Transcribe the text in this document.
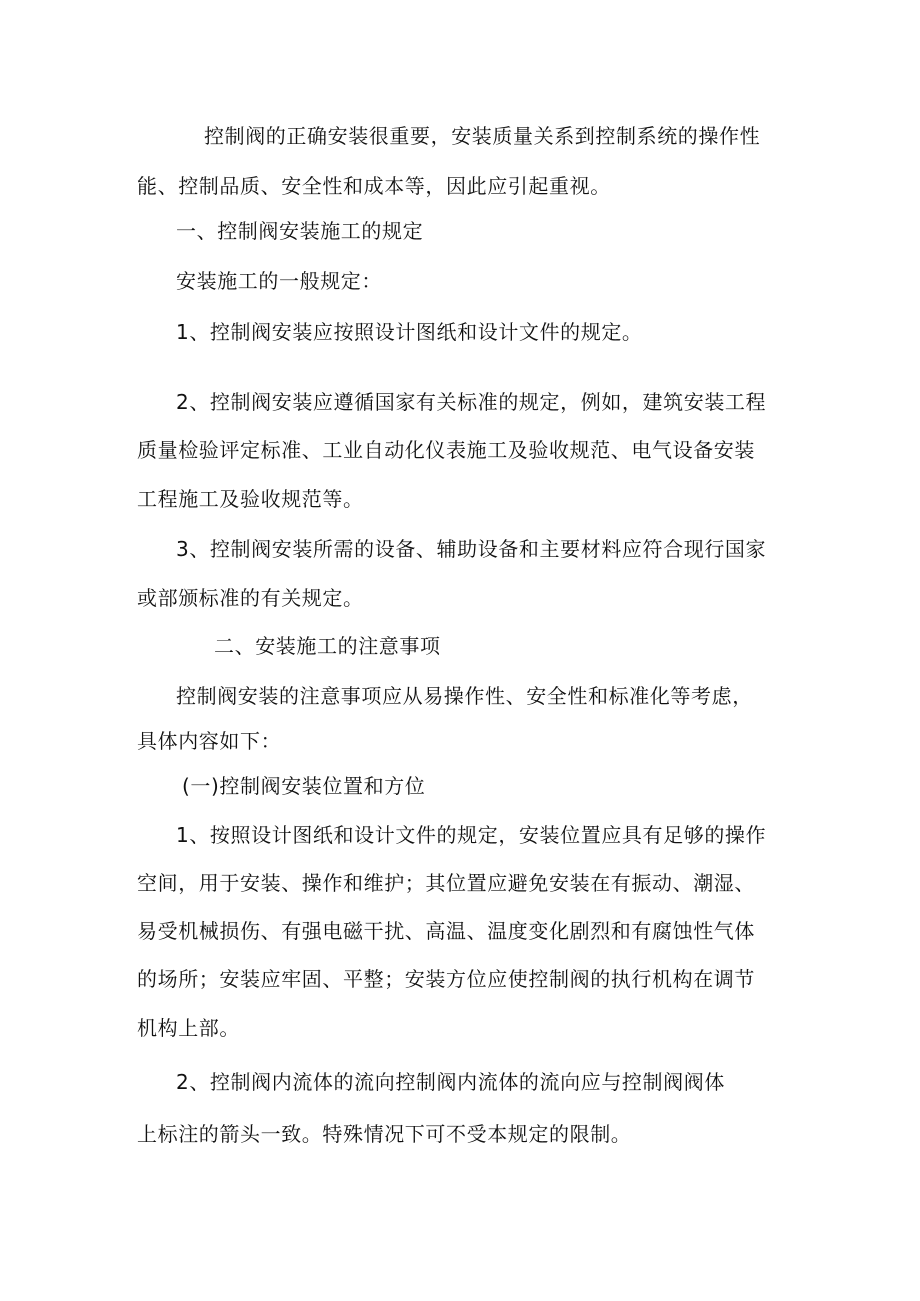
控制阀的正确安装很重要，安装质量关系到控制系统的操作性
能、控制品质、安全性和成本等，因此应引起重视。
一、控制阀安装施工的规定
安装施工的一般规定：
1、控制阀安装应按照设计图纸和设计文件的规定。
2、控制阀安装应遵循国家有关标准的规定，例如，建筑安装工程
质量检验评定标准、工业自动化仪表施工及验收规范、电气设备安装
工程施工及验收规范等。
3、控制阀安装所需的设备、辅助设备和主要材料应符合现行国家
或部颁标准的有关规定。
二、安装施工的注意事项
控制阀安装的注意事项应从易操作性、安全性和标准化等考虑，
具体内容如下：
(一)控制阀安装位置和方位
1、按照设计图纸和设计文件的规定，安装位置应具有足够的操作
空间，用于安装、操作和维护；其位置应避免安装在有振动、潮湿、
易受机械损伤、有强电磁干扰、高温、温度变化剧烈和有腐蚀性气体
的场所；安装应牢固、平整；安装方位应使控制阀的执行机构在调节
机构上部。
2、控制阀内流体的流向控制阀内流体的流向应与控制阀阀体
上标注的箭头一致。特殊情况下可不受本规定的限制。
